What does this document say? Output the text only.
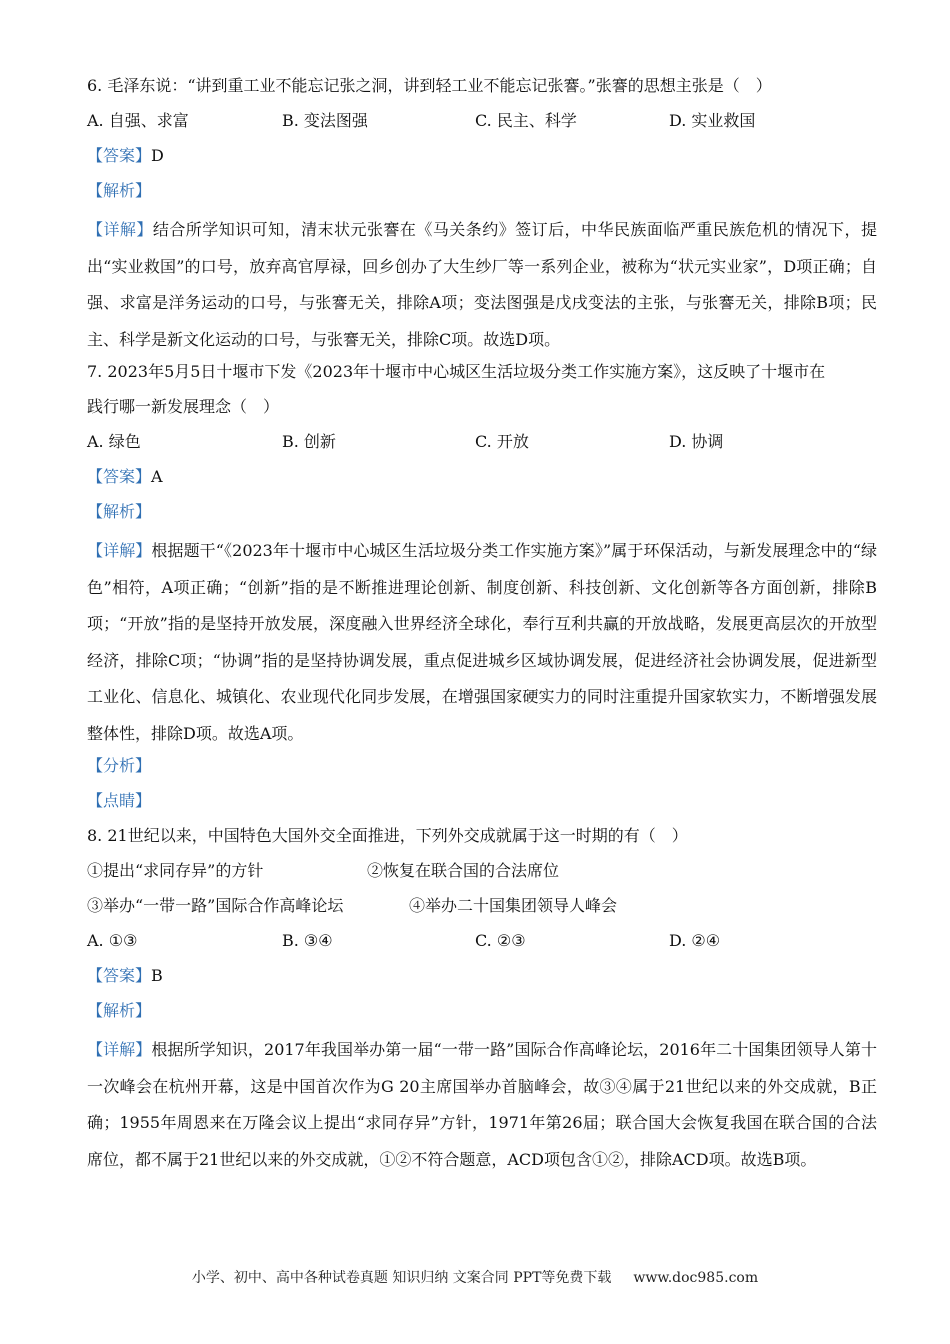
6. 毛泽东说：“讲到重工业不能忘记张之洞，讲到轻工业不能忘记张謇。”张謇的思想主张是（　）
A. 自强、求富	B. 变法图强	C. 民主、科学	D. 实业救国
【答案】D
【解析】

【详解】结合所学知识可知，清末状元张謇在《马关条约》签订后，中华民族面临严重民族危机的情况下，提出“实业救国”的口号，放弃高官厚禄，回乡创办了大生纱厂等一系列企业，被称为“状元实业家”，D项正确；自强、求富是洋务运动的口号，与张謇无关，排除A项；变法图强是戊戌变法的主张，与张謇无关，排除B项；民主、科学是新文化运动的口号，与张謇无关，排除C项。故选D项。

7. 2023年5月5日十堰市下发《2023年十堰市中心城区生活垃圾分类工作实施方案》，这反映了十堰市在
践行哪一新发展理念（　）
A. 绿色	B. 创新	C. 开放	D. 协调
【答案】A
【解析】

【详解】根据题干“《2023年十堰市中心城区生活垃圾分类工作实施方案》”属于环保活动，与新发展理念中的“绿色”相符，A项正确；“创新”指的是不断推进理论创新、制度创新、科技创新、文化创新等各方面创新，排除B项；“开放”指的是坚持开放发展，深度融入世界经济全球化，奉行互利共赢的开放战略，发展更高层次的开放型经济，排除C项；“协调”指的是坚持协调发展，重点促进城乡区域协调发展，促进经济社会协调发展，促进新型工业化、信息化、城镇化、农业现代化同步发展，在增强国家硬实力的同时注重提升国家软实力，不断增强发展整体性，排除D项。故选A项。

【分析】
【点睛】
8. 21世纪以来，中国特色大国外交全面推进，下列外交成就属于这一时期的有（　）
①提出“求同存异”的方针	②恢复在联合国的合法席位
③举办“一带一路”国际合作高峰论坛	④举办二十国集团领导人峰会
A. ①③	B. ③④	C. ②③	D. ②④
【答案】B
【解析】

【详解】根据所学知识，2017年我国举办第一届“一带一路”国际合作高峰论坛，2016年二十国集团领导人第十一次峰会在杭州开幕，这是中国首次作为G 20主席国举办首脑峰会，故③④属于21世纪以来的外交成就，B正确；1955年周恩来在万隆会议上提出“求同存异”方针，1971年第26届；联合国大会恢复我国在联合国的合法席位，都不属于21世纪以来的外交成就，①②不符合题意，ACD项包含①②，排除ACD项。故选B项。

小学、初中、高中各种试卷真题 知识归纳 文案合同 PPT等免费下载 www.doc985.com
